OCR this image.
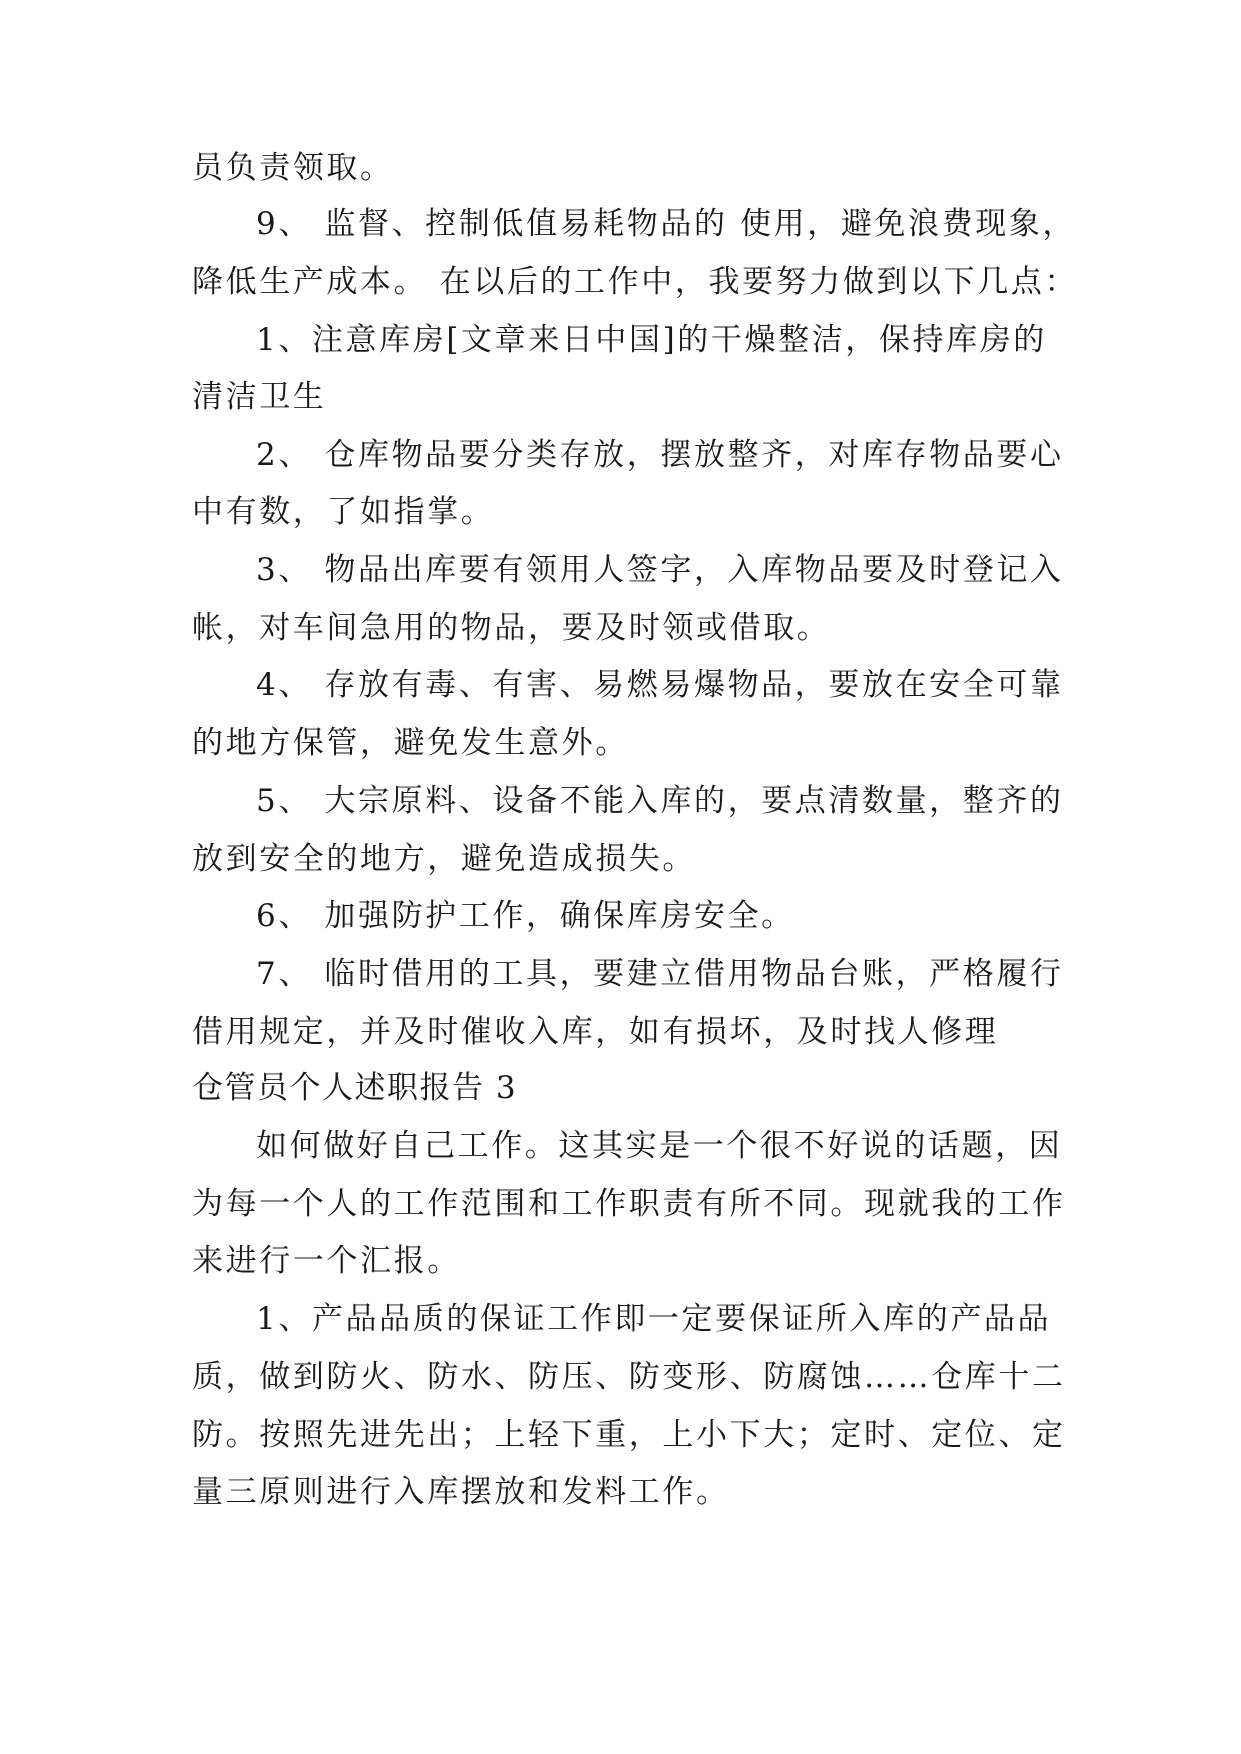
员负责领取。
9、 监督、控制低值易耗物品的 使用，避免浪费现象，
降低生产成本。 在以后的工作中，我要努力做到以下几点：
1、注意库房[文章来日中国]的干燥整洁，保持库房的
清洁卫生
2、 仓库物品要分类存放，摆放整齐，对库存物品要心
中有数，了如指掌。
3、 物品出库要有领用人签字，入库物品要及时登记入
帐，对车间急用的物品，要及时领或借取。
4、 存放有毒、有害、易燃易爆物品，要放在安全可靠
的地方保管，避免发生意外。
5、 大宗原料、设备不能入库的，要点清数量，整齐的
放到安全的地方，避免造成损失。
6、 加强防护工作，确保库房安全。
7、 临时借用的工具，要建立借用物品台账，严格履行
借用规定，并及时催收入库，如有损坏，及时找人修理
仓管员个人述职报告 3
如何做好自己工作。这其实是一个很不好说的话题，因
为每一个人的工作范围和工作职责有所不同。现就我的工作
来进行一个汇报。
1、产品品质的保证工作即一定要保证所入库的产品品
质，做到防火、防水、防压、防变形、防腐蚀……仓库十二
防。按照先进先出；上轻下重，上小下大；定时、定位、定
量三原则进行入库摆放和发料工作。
